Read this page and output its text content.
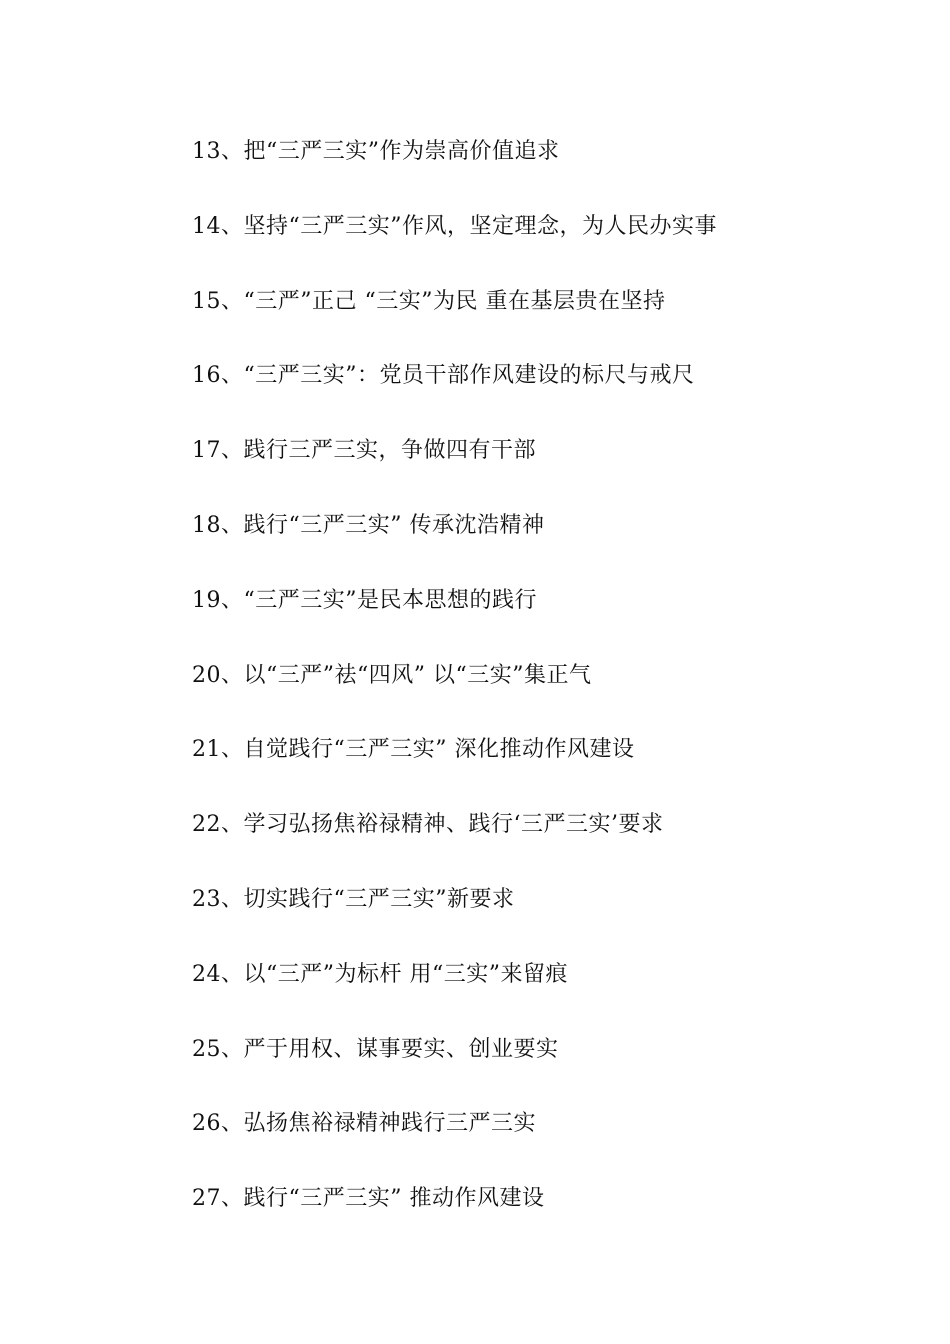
13、把“三严三实”作为崇高价值追求
14、坚持“三严三实”作风，坚定理念，为人民办实事
15、“三严”正己 “三实”为民 重在基层贵在坚持
16、“三严三实”：党员干部作风建设的标尺与戒尺
17、践行三严三实，争做四有干部
18、践行“三严三实” 传承沈浩精神
19、“三严三实”是民本思想的践行
20、以“三严”祛“四风” 以“三实”集正气
21、自觉践行“三严三实” 深化推动作风建设
22、学习弘扬焦裕禄精神、践行‘三严三实’要求
23、切实践行“三严三实”新要求
24、以“三严”为标杆 用“三实”来留痕
25、严于用权、谋事要实、创业要实
26、弘扬焦裕禄精神践行三严三实
27、践行“三严三实” 推动作风建设
